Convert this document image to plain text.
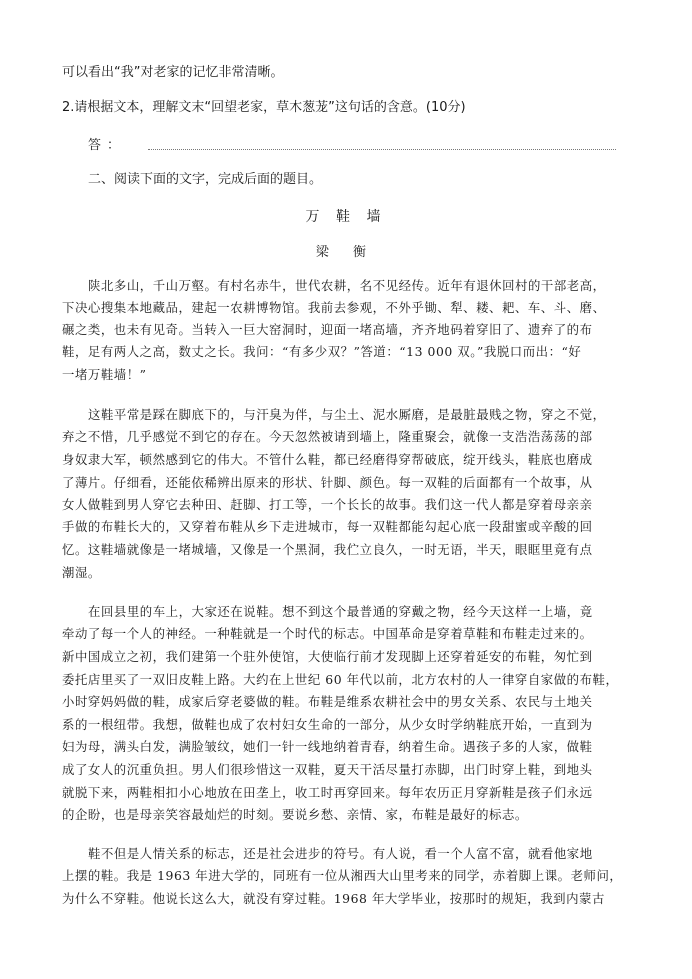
可以看出“我”对老家的记忆非常清晰。
2.请根据文本，理解文末“回望老家，草木葱茏”这句话的含意。(10分)
答：
二、阅读下面的文字，完成后面的题目。
万 鞋 墙
梁 衡
陕北多山，千山万壑。有村名赤牛，世代农耕，名不见经传。近年有退休回村的干部老高，
下决心搜集本地藏品，建起一农耕博物馆。我前去参观，不外乎锄、犁、耧、耙、车、斗、磨、
碾之类，也未有见奇。当转入一巨大窑洞时，迎面一堵高墙，齐齐地码着穿旧了、遗弃了的布
鞋，足有两人之高，数丈之长。我问：“有多少双？”答道：“13 000 双。”我脱口而出：“好
一堵万鞋墙！”
这鞋平常是踩在脚底下的，与汗臭为伴，与尘土、泥水厮磨，是最脏最贱之物，穿之不觉，
弃之不惜，几乎感觉不到它的存在。今天忽然被请到墙上，隆重聚会，就像一支浩浩荡荡的部
身奴隶大军，顿然感到它的伟大。不管什么鞋，都已经磨得穿帮破底，绽开线头，鞋底也磨成
了薄片。仔细看，还能依稀辨出原来的形状、针脚、颜色。每一双鞋的后面都有一个故事，从
女人做鞋到男人穿它去种田、赶脚、打工等，一个长长的故事。我们这一代人都是穿着母亲亲
手做的布鞋长大的，又穿着布鞋从乡下走进城市，每一双鞋都能勾起心底一段甜蜜或辛酸的回
忆。这鞋墙就像是一堵城墙，又像是一个黑洞，我伫立良久，一时无语，半天，眼眶里竟有点
潮湿。
在回县里的车上，大家还在说鞋。想不到这个最普通的穿戴之物，经今天这样一上墙，竟
牵动了每一个人的神经。一种鞋就是一个时代的标志。中国革命是穿着草鞋和布鞋走过来的。
新中国成立之初，我们建第一个驻外使馆，大使临行前才发现脚上还穿着延安的布鞋，匆忙到
委托店里买了一双旧皮鞋上路。大约在上世纪 60 年代以前，北方农村的人一律穿自家做的布鞋，
小时穿妈妈做的鞋，成家后穿老婆做的鞋。布鞋是维系农耕社会中的男女关系、农民与土地关
系的一根纽带。我想，做鞋也成了农村妇女生命的一部分，从少女时学纳鞋底开始，一直到为
妇为母，满头白发，满脸皱纹，她们一针一线地纳着青春，纳着生命。遇孩子多的人家，做鞋
成了女人的沉重负担。男人们很珍惜这一双鞋，夏天干活尽量打赤脚，出门时穿上鞋，到地头
就脱下来，两鞋相扣小心地放在田垄上，收工时再穿回来。每年农历正月穿新鞋是孩子们永远
的企盼，也是母亲笑容最灿烂的时刻。要说乡愁、亲情、家，布鞋是最好的标志。
鞋不但是人情关系的标志，还是社会进步的符号。有人说，看一个人富不富，就看他家地
上摆的鞋。我是 1963 年进大学的，同班有一位从湘西大山里考来的同学，赤着脚上课。老师问，
为什么不穿鞋。他说长这么大，就没有穿过鞋。1968 年大学毕业，按那时的规矩，我到内蒙古
